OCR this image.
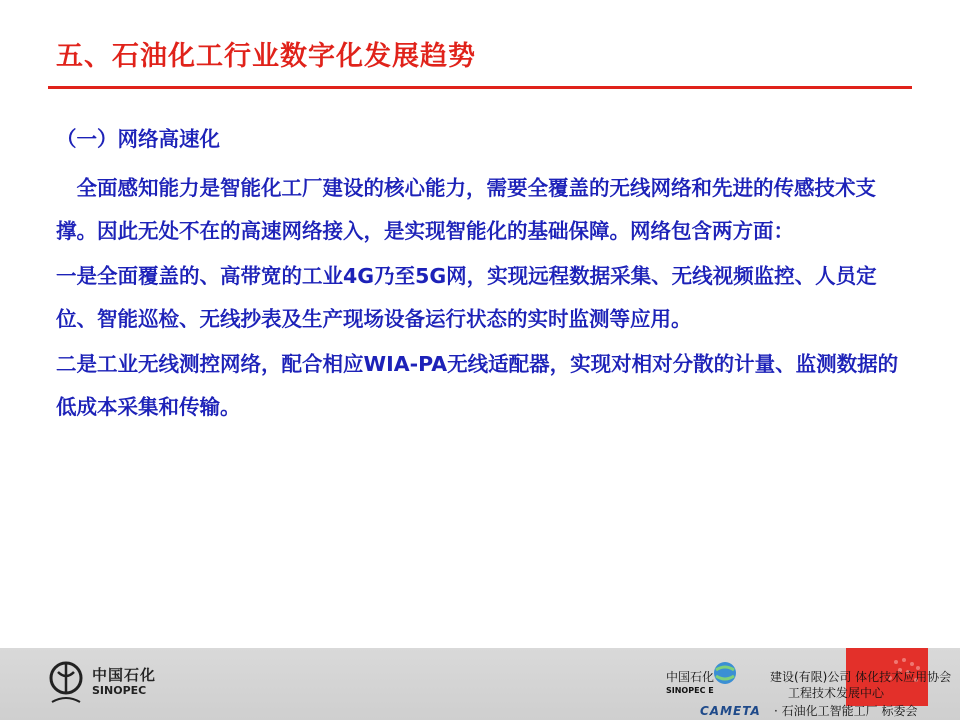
五、石油化工行业数字化发展趋势

（一）网络高速化

全面感知能力是智能化工厂建设的核心能力，需要全覆盖的无线网络和先进的传感技术支撑。因此无处不在的高速网络接入，是实现智能化的基础保障。网络包含两方面：

一是全面覆盖的、高带宽的工业4G乃至5G网，实现远程数据采集、无线视频监控、人员定位、智能巡检、无线抄表及生产现场设备运行状态的实时监测等应用。

二是工业无线测控网络，配合相应WIA-PA无线适配器，实现对相对分散的计量、监测数据的低成本采集和传输。

中国石化
SINOPEC
中国石化
SINOPEC E
建设(有限)公司 体化技术应用协会
工程技术发展中心
· 石油化工智能工厂 标委会
CAMETA
